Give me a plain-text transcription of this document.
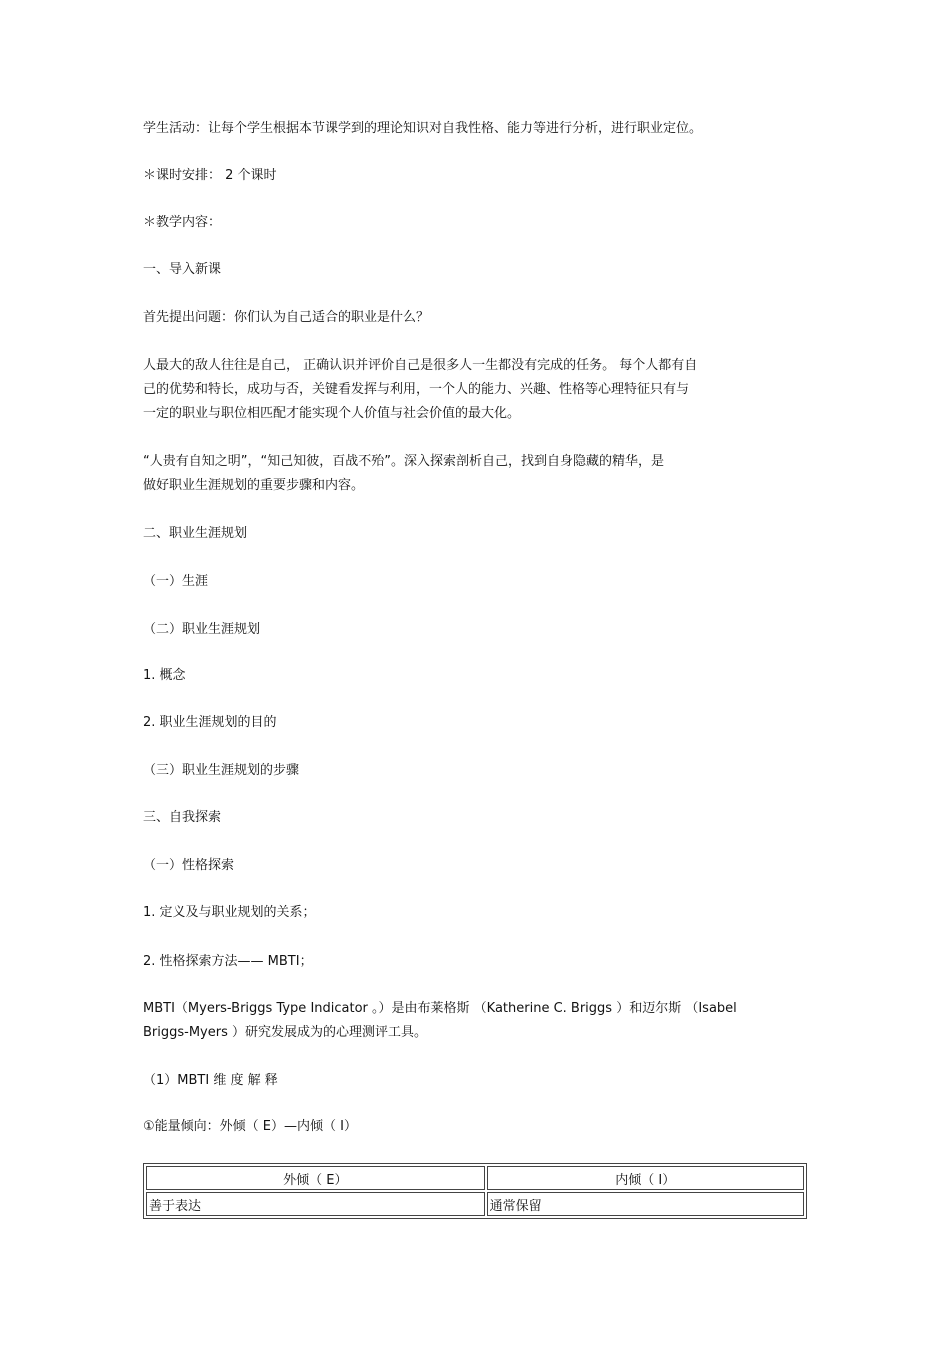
学生活动：让每个学生根据本节课学到的理论知识对自我性格、能力等进行分析，进行职业定位。
＊课时安排： 2 个课时
＊教学内容：
一、导入新课
首先提出问题：你们认为自己适合的职业是什么？
人最大的敌人往往是自己， 正确认识并评价自己是很多人一生都没有完成的任务。 每个人都有自
己的优势和特长，成功与否，关键看发挥与利用，一个人的能力、兴趣、性格等心理特征只有与
一定的职业与职位相匹配才能实现个人价值与社会价值的最大化。
“人贵有自知之明”，“知己知彼，百战不殆”。深入探索剖析自己，找到自身隐藏的精华，是
做好职业生涯规划的重要步骤和内容。
二、职业生涯规划
（一）生涯
（二）职业生涯规划
1. 概念
2. 职业生涯规划的目的
（三）职业生涯规划的步骤
三、自我探索
（一）性格探索
1. 定义及与职业规划的关系；
2. 性格探索方法—— MBTI；
MBTI（Myers-Briggs Type Indicator 。）是由布莱格斯 （Katherine C. Briggs ）和迈尔斯 （Isabel
Briggs-Myers ）研究发展成为的心理测评工具。
（1）MBTI 维 度 解 释
①能量倾向：外倾（ E）—内倾（ I）
外倾（ E）	内倾（ I）
善于表达	通常保留
